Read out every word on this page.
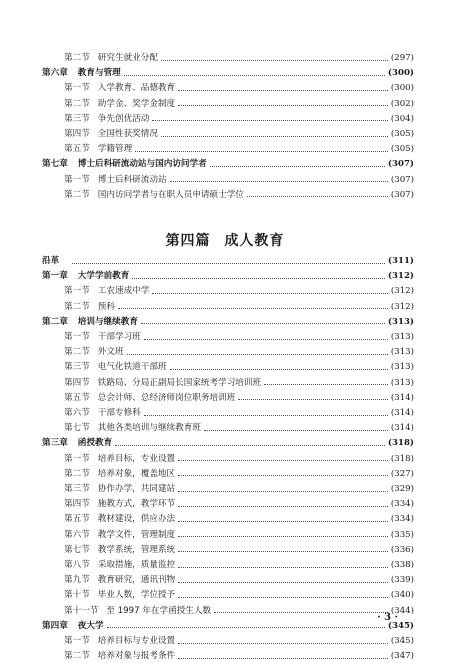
第二节 研究生就业分配	(297)
第六章 教育与管理	(300)
第一节 入学教育、品德教育	(300)
第二节 助学金、奖学金制度	(302)
第三节 争先创优活动	(304)
第四节 全国性获奖情况	(305)
第五节 学籍管理	(305)
第七章 博士后科研流动站与国内访问学者	(307)
第一节 博士后科研流动站	(307)
第二节 国内访问学者与在职人员申请硕士学位	(307)
第四篇 成人教育
沿革	(311)
第一章 大学学前教育	(312)
第一节 工农速成中学	(312)
第二节 预科	(312)
第二章 培训与继续教育	(313)
第一节 干部学习班	(313)
第二节 外文班	(313)
第三节 电气化铁道干部班	(313)
第四节 铁路局、分局正副局长国家统考学习培训班	(313)
第五节 总会计师、总经济师岗位职务培训班	(314)
第六节 干部专修科	(314)
第七节 其他各类培训与继续教育班	(314)
第三章 函授教育	(318)
第一节 培养目标，专业设置	(318)
第二节 培养对象，覆盖地区	(327)
第三节 协作办学，共同建站	(329)
第四节 施教方式，教学环节	(334)
第五节 教材建设，供应办法	(334)
第六节 教学文件，管理制度	(335)
第七节 教学系统，管理系统	(336)
第八节 采取措施，质量监控	(338)
第九节 教育研究，通讯刊物	(339)
第十节 毕业人数，学位授予	(340)
第十一节 至 1997 年在学函授生人数	(344)
第四章 夜大学	(345)
第一节 培养目标与专业设置	(345)
第二节 培养对象与报考条件	(347)
· 3 ·
